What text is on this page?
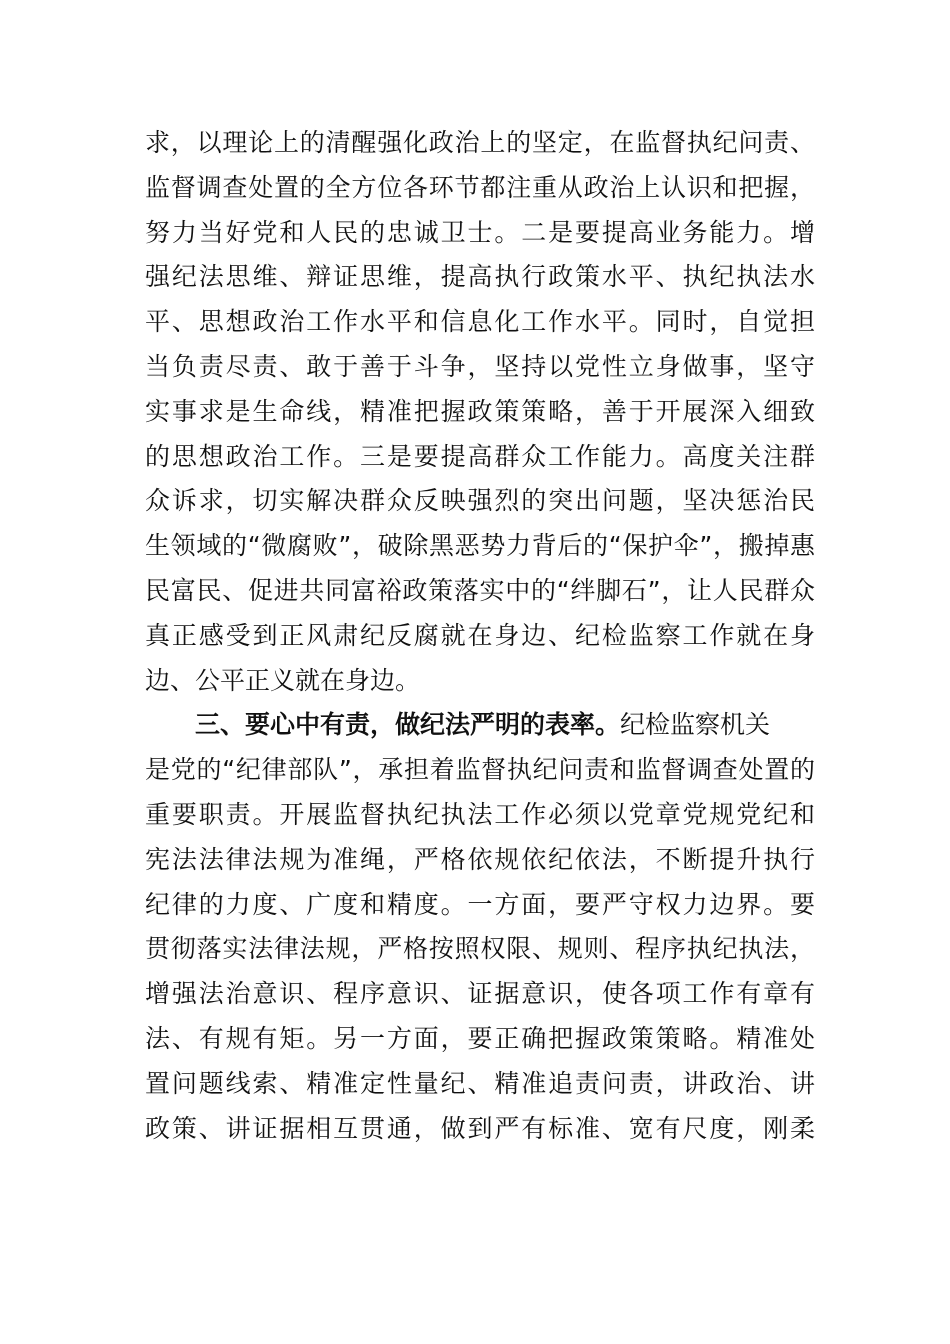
求，以理论上的清醒强化政治上的坚定，在监督执纪问责、
监督调查处置的全方位各环节都注重从政治上认识和把握，
努力当好党和人民的忠诚卫士。二是要提高业务能力。增
强纪法思维、辩证思维，提高执行政策水平、执纪执法水
平、思想政治工作水平和信息化工作水平。同时，自觉担
当负责尽责、敢于善于斗争，坚持以党性立身做事，坚守
实事求是生命线，精准把握政策策略，善于开展深入细致
的思想政治工作。三是要提高群众工作能力。高度关注群
众诉求，切实解决群众反映强烈的突出问题，坚决惩治民
生领域的“微腐败”，破除黑恶势力背后的“保护伞”，搬掉惠
民富民、促进共同富裕政策落实中的“绊脚石”，让人民群众
真正感受到正风肃纪反腐就在身边、纪检监察工作就在身
边、公平正义就在身边。
三、要心中有责，做纪法严明的表率。纪检监察机关
是党的“纪律部队”，承担着监督执纪问责和监督调查处置的
重要职责。开展监督执纪执法工作必须以党章党规党纪和
宪法法律法规为准绳，严格依规依纪依法，不断提升执行
纪律的力度、广度和精度。一方面，要严守权力边界。要
贯彻落实法律法规，严格按照权限、规则、程序执纪执法，
增强法治意识、程序意识、证据意识，使各项工作有章有
法、有规有矩。另一方面，要正确把握政策策略。精准处
置问题线索、精准定性量纪、精准追责问责，讲政治、讲
政策、讲证据相互贯通，做到严有标准、宽有尺度，刚柔
